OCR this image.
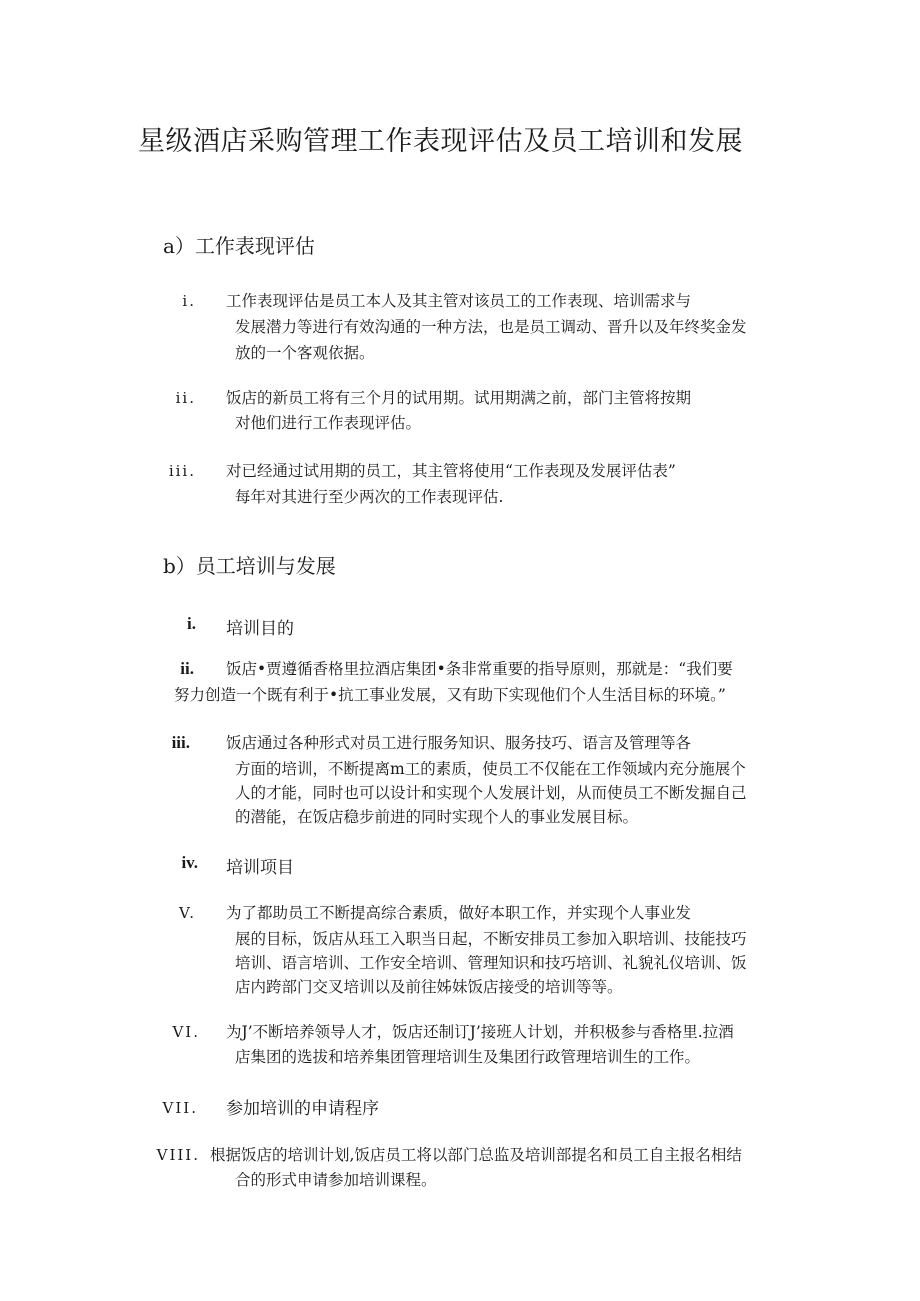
星级酒店采购管理工作表现评估及员工培训和发展
a）工作表现评估
i. 工作表现评估是员工本人及其主管对该员工的工作表现、培训需求与
发展潜力等进行有效沟通的一种方法，也是员工调动、晋升以及年终奖金发
放的一个客观依据。
ii. 饭店的新员工将有三个月的试用期。试用期满之前，部门主管将按期
对他们进行工作表现评估。
iii. 对已经通过试用期的员工，其主管将使用“工作表现及发展评估表”
每年对其进行至少两次的工作表现评估.
b）员工培训与发展
i. 培训目的
ii. 饭店•贾遵循香格里拉酒店集团•条非常重要的指导原则，那就是：“我们要
努力创造一个既有利于•抗工事业发展，又有助下实现他们个人生活目标的环境。”
iii. 饭店通过各种形式对员工进行服务知识、服务技巧、语言及管理等各
方面的培训，不断提离m工的素质，使员工不仅能在工作领域内充分施展个
人的才能，同时也可以设计和实现个人发展计划，从而使员工不断发掘自己
的潜能，在饭店稳步前进的同时实现个人的事业发展目标。
iv. 培训项目
V. 为了都助员工不断提高综合素质，做好本职工作，并实现个人事业发
展的目标，饭店从珏工入职当日起，不断安排员工参加入职培训、技能技巧
培训、语言培训、工作安全培训、管理知识和技巧培训、礼貌礼仪培训、饭
店内跨部门交叉培训以及前往姊妹饭店接受的培训等等。
VI. 为J’不断培养领导人才，饭店还制订J’接班人计划，并积极参与香格里.拉酒
店集团的选拔和培养集团管理培训生及集团行政管理培训生的工作。
VII. 参加培训的申请程序
VIII. 根据饭店的培训计划,饭店员工将以部门总监及培训部提名和员工自主报名相结
合的形式申请参加培训课程。
